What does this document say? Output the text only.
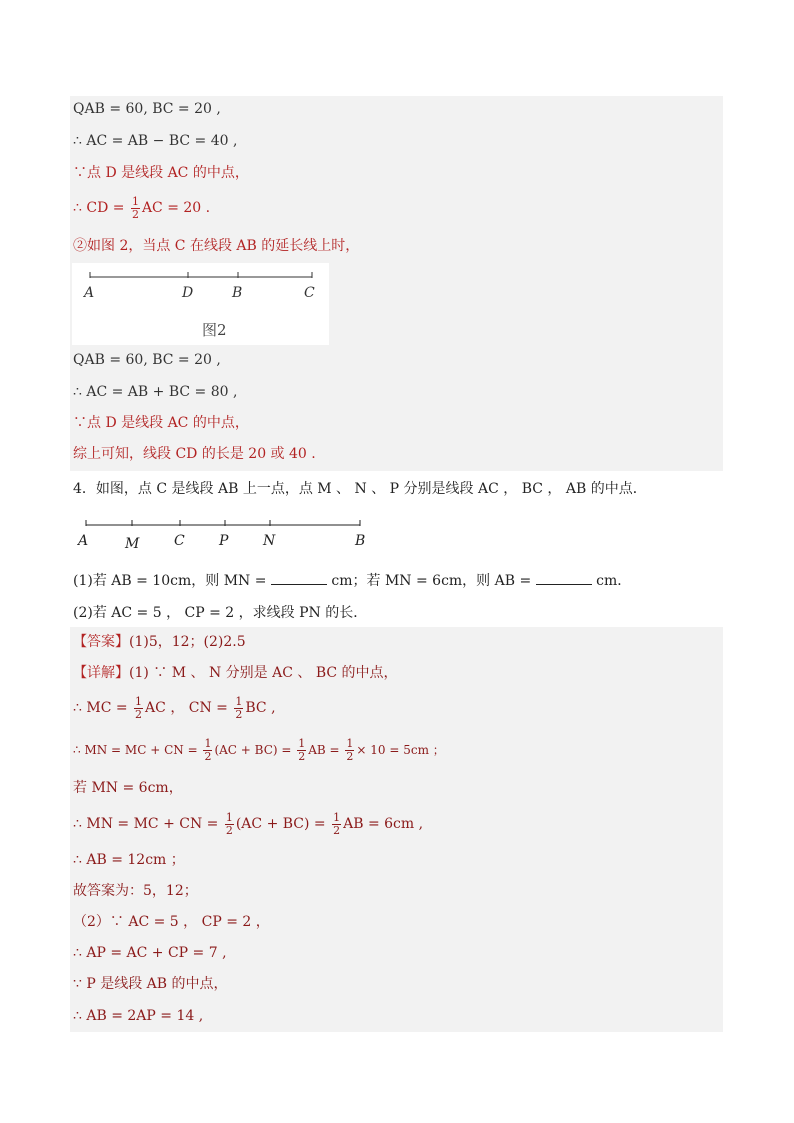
QAB = 60, BC = 20 ,
∴ AC = AB − BC = 40 ,
∵点 D 是线段 AC 的中点，
∴ CD = $\frac{1}{2}$ AC = 20 .
②如图 2，当点 C 在线段 AB 的延长线上时，
A	D	B	C
图2
QAB = 60, BC = 20 ,
∴ AC = AB + BC = 80 ,
∵点 D 是线段 AC 的中点，
综上可知，线段 CD 的长是 20 或 40 .
4．如图，点 C 是线段 AB 上一点，点 M 、 N 、 P 分别是线段 AC ， BC ， AB 的中点．
A	M C P N	B
(1)若 AB = 10cm，则 MN =	cm；若 MN = 6cm，则 AB =	cm．
(2)若 AC = 5 ， CP = 2 ，求线段 PN 的长．
【答案】(1)5，12；(2)2.5
【详解】(1) ∵ M 、 N 分别是 AC 、 BC 的中点，
∴ MC = $\frac{1}{2}$ AC ， CN = $\frac{1}{2}$ BC ,
∴ MN = MC + CN = $\frac{1}{2} (AC + BC) = \frac{1}{2}$ AB = $\frac{1}{2} \times 10 = 5cm$ ；
若 MN = 6cm，
∴ MN = MC + CN = $\frac{1}{2} (AC + BC) = \frac{1}{2}$ AB = 6cm ,
∴ AB = 12cm ；
故答案为：5，12；
（2）∵ AC = 5 ， CP = 2 ，
∴ AP = AC + CP = 7 ,
∵ P 是线段 AB 的中点，
∴ AB = 2AP = 14 ,
